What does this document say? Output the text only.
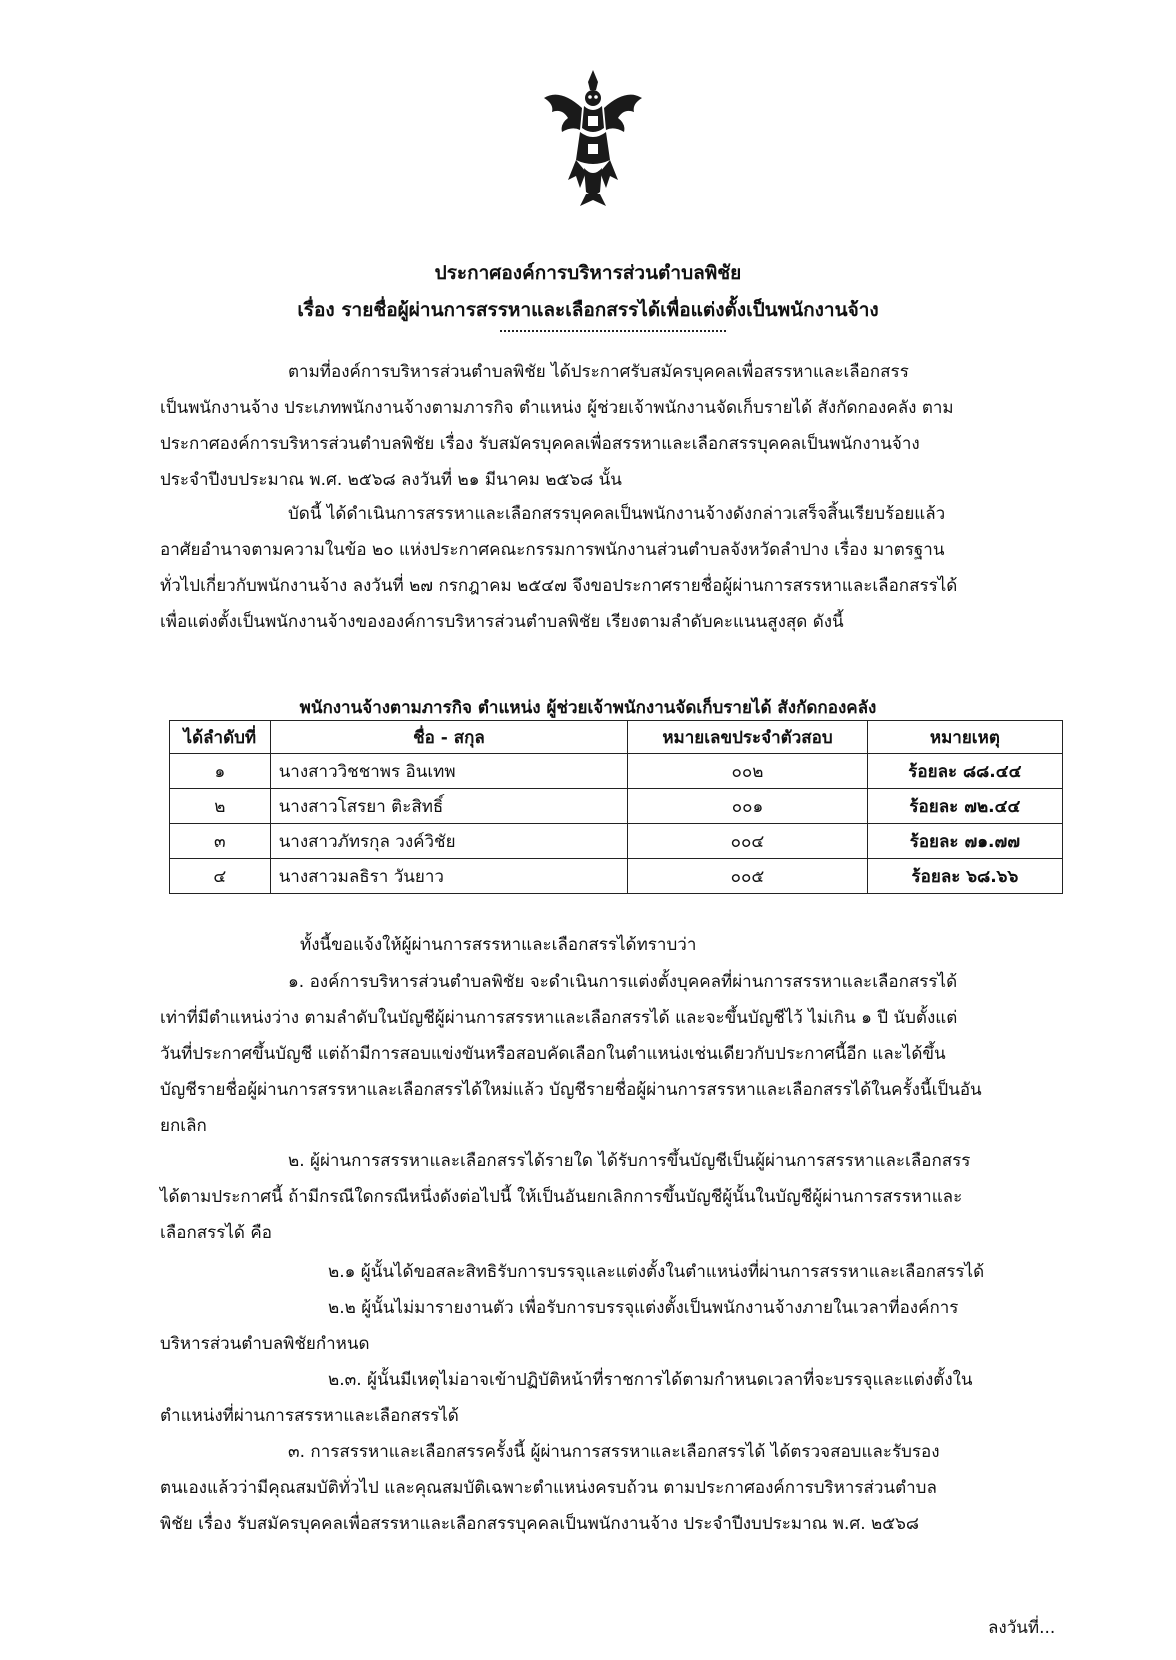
ประกาศองค์การบริหารส่วนตำบลพิชัย
เรื่อง รายชื่อผู้ผ่านการสรรหาและเลือกสรรได้เพื่อแต่งตั้งเป็นพนักงานจ้าง
ตามที่องค์การบริหารส่วนตำบลพิชัย ได้ประกาศรับสมัครบุคคลเพื่อสรรหาและเลือกสรร
เป็นพนักงานจ้าง ประเภทพนักงานจ้างตามภารกิจ ตำแหน่ง ผู้ช่วยเจ้าพนักงานจัดเก็บรายได้ สังกัดกองคลัง ตาม
ประกาศองค์การบริหารส่วนตำบลพิชัย เรื่อง รับสมัครบุคคลเพื่อสรรหาและเลือกสรรบุคคลเป็นพนักงานจ้าง
ประจำปีงบประมาณ พ.ศ. ๒๕๖๘ ลงวันที่ ๒๑ มีนาคม ๒๕๖๘ นั้น
บัดนี้ ได้ดำเนินการสรรหาและเลือกสรรบุคคลเป็นพนักงานจ้างดังกล่าวเสร็จสิ้นเรียบร้อยแล้ว
อาศัยอำนาจตามความในข้อ ๒๐ แห่งประกาศคณะกรรมการพนักงานส่วนตำบลจังหวัดลำปาง เรื่อง มาตรฐาน
ทั่วไปเกี่ยวกับพนักงานจ้าง ลงวันที่ ๒๗ กรกฎาคม ๒๕๔๗ จึงขอประกาศรายชื่อผู้ผ่านการสรรหาและเลือกสรรได้
เพื่อแต่งตั้งเป็นพนักงานจ้างขององค์การบริหารส่วนตำบลพิชัย เรียงตามลำดับคะแนนสูงสุด ดังนี้
พนักงานจ้างตามภารกิจ ตำแหน่ง ผู้ช่วยเจ้าพนักงานจัดเก็บรายได้ สังกัดกองคลัง
ได้ลำดับที่	ชื่อ - สกุล	หมายเลขประจำตัวสอบ	หมายเหตุ
๑	นางสาววิชชาพร อินเทพ	๐๐๒	ร้อยละ ๘๘.๔๔
๒	นางสาวโสรยา ติะสิทธิ์	๐๐๑	ร้อยละ ๗๒.๔๔
๓	นางสาวภัทรกุล วงค์วิชัย	๐๐๔	ร้อยละ ๗๑.๗๗
๔	นางสาวมลธิรา วันยาว	๐๐๕	ร้อยละ ๖๘.๖๖
ทั้งนี้ขอแจ้งให้ผู้ผ่านการสรรหาและเลือกสรรได้ทราบว่า
๑. องค์การบริหารส่วนตำบลพิชัย จะดำเนินการแต่งตั้งบุคคลที่ผ่านการสรรหาและเลือกสรรได้
เท่าที่มีตำแหน่งว่าง ตามลำดับในบัญชีผู้ผ่านการสรรหาและเลือกสรรได้ และจะขึ้นบัญชีไว้ ไม่เกิน ๑ ปี นับตั้งแต่
วันที่ประกาศขึ้นบัญชี แต่ถ้ามีการสอบแข่งขันหรือสอบคัดเลือกในตำแหน่งเช่นเดียวกับประกาศนี้อีก และได้ขึ้น
บัญชีรายชื่อผู้ผ่านการสรรหาและเลือกสรรได้ใหม่แล้ว บัญชีรายชื่อผู้ผ่านการสรรหาและเลือกสรรได้ในครั้งนี้เป็นอัน
ยกเลิก
๒. ผู้ผ่านการสรรหาและเลือกสรรได้รายใด ได้รับการขึ้นบัญชีเป็นผู้ผ่านการสรรหาและเลือกสรร
ได้ตามประกาศนี้ ถ้ามีกรณีใดกรณีหนึ่งดังต่อไปนี้ ให้เป็นอันยกเลิกการขึ้นบัญชีผู้นั้นในบัญชีผู้ผ่านการสรรหาและ
เลือกสรรได้ คือ
๒.๑ ผู้นั้นได้ขอสละสิทธิรับการบรรจุและแต่งตั้งในตำแหน่งที่ผ่านการสรรหาและเลือกสรรได้
๒.๒ ผู้นั้นไม่มารายงานตัว เพื่อรับการบรรจุแต่งตั้งเป็นพนักงานจ้างภายในเวลาที่องค์การ
บริหารส่วนตำบลพิชัยกำหนด
๒.๓. ผู้นั้นมีเหตุไม่อาจเข้าปฏิบัติหน้าที่ราชการได้ตามกำหนดเวลาที่จะบรรจุและแต่งตั้งใน
ตำแหน่งที่ผ่านการสรรหาและเลือกสรรได้
๓. การสรรหาและเลือกสรรครั้งนี้ ผู้ผ่านการสรรหาและเลือกสรรได้ ได้ตรวจสอบและรับรอง
ตนเองแล้วว่ามีคุณสมบัติทั่วไป และคุณสมบัติเฉพาะตำแหน่งครบถ้วน ตามประกาศองค์การบริหารส่วนตำบล
พิชัย เรื่อง รับสมัครบุคคลเพื่อสรรหาและเลือกสรรบุคคลเป็นพนักงานจ้าง ประจำปีงบประมาณ พ.ศ. ๒๕๖๘
ลงวันที่...
